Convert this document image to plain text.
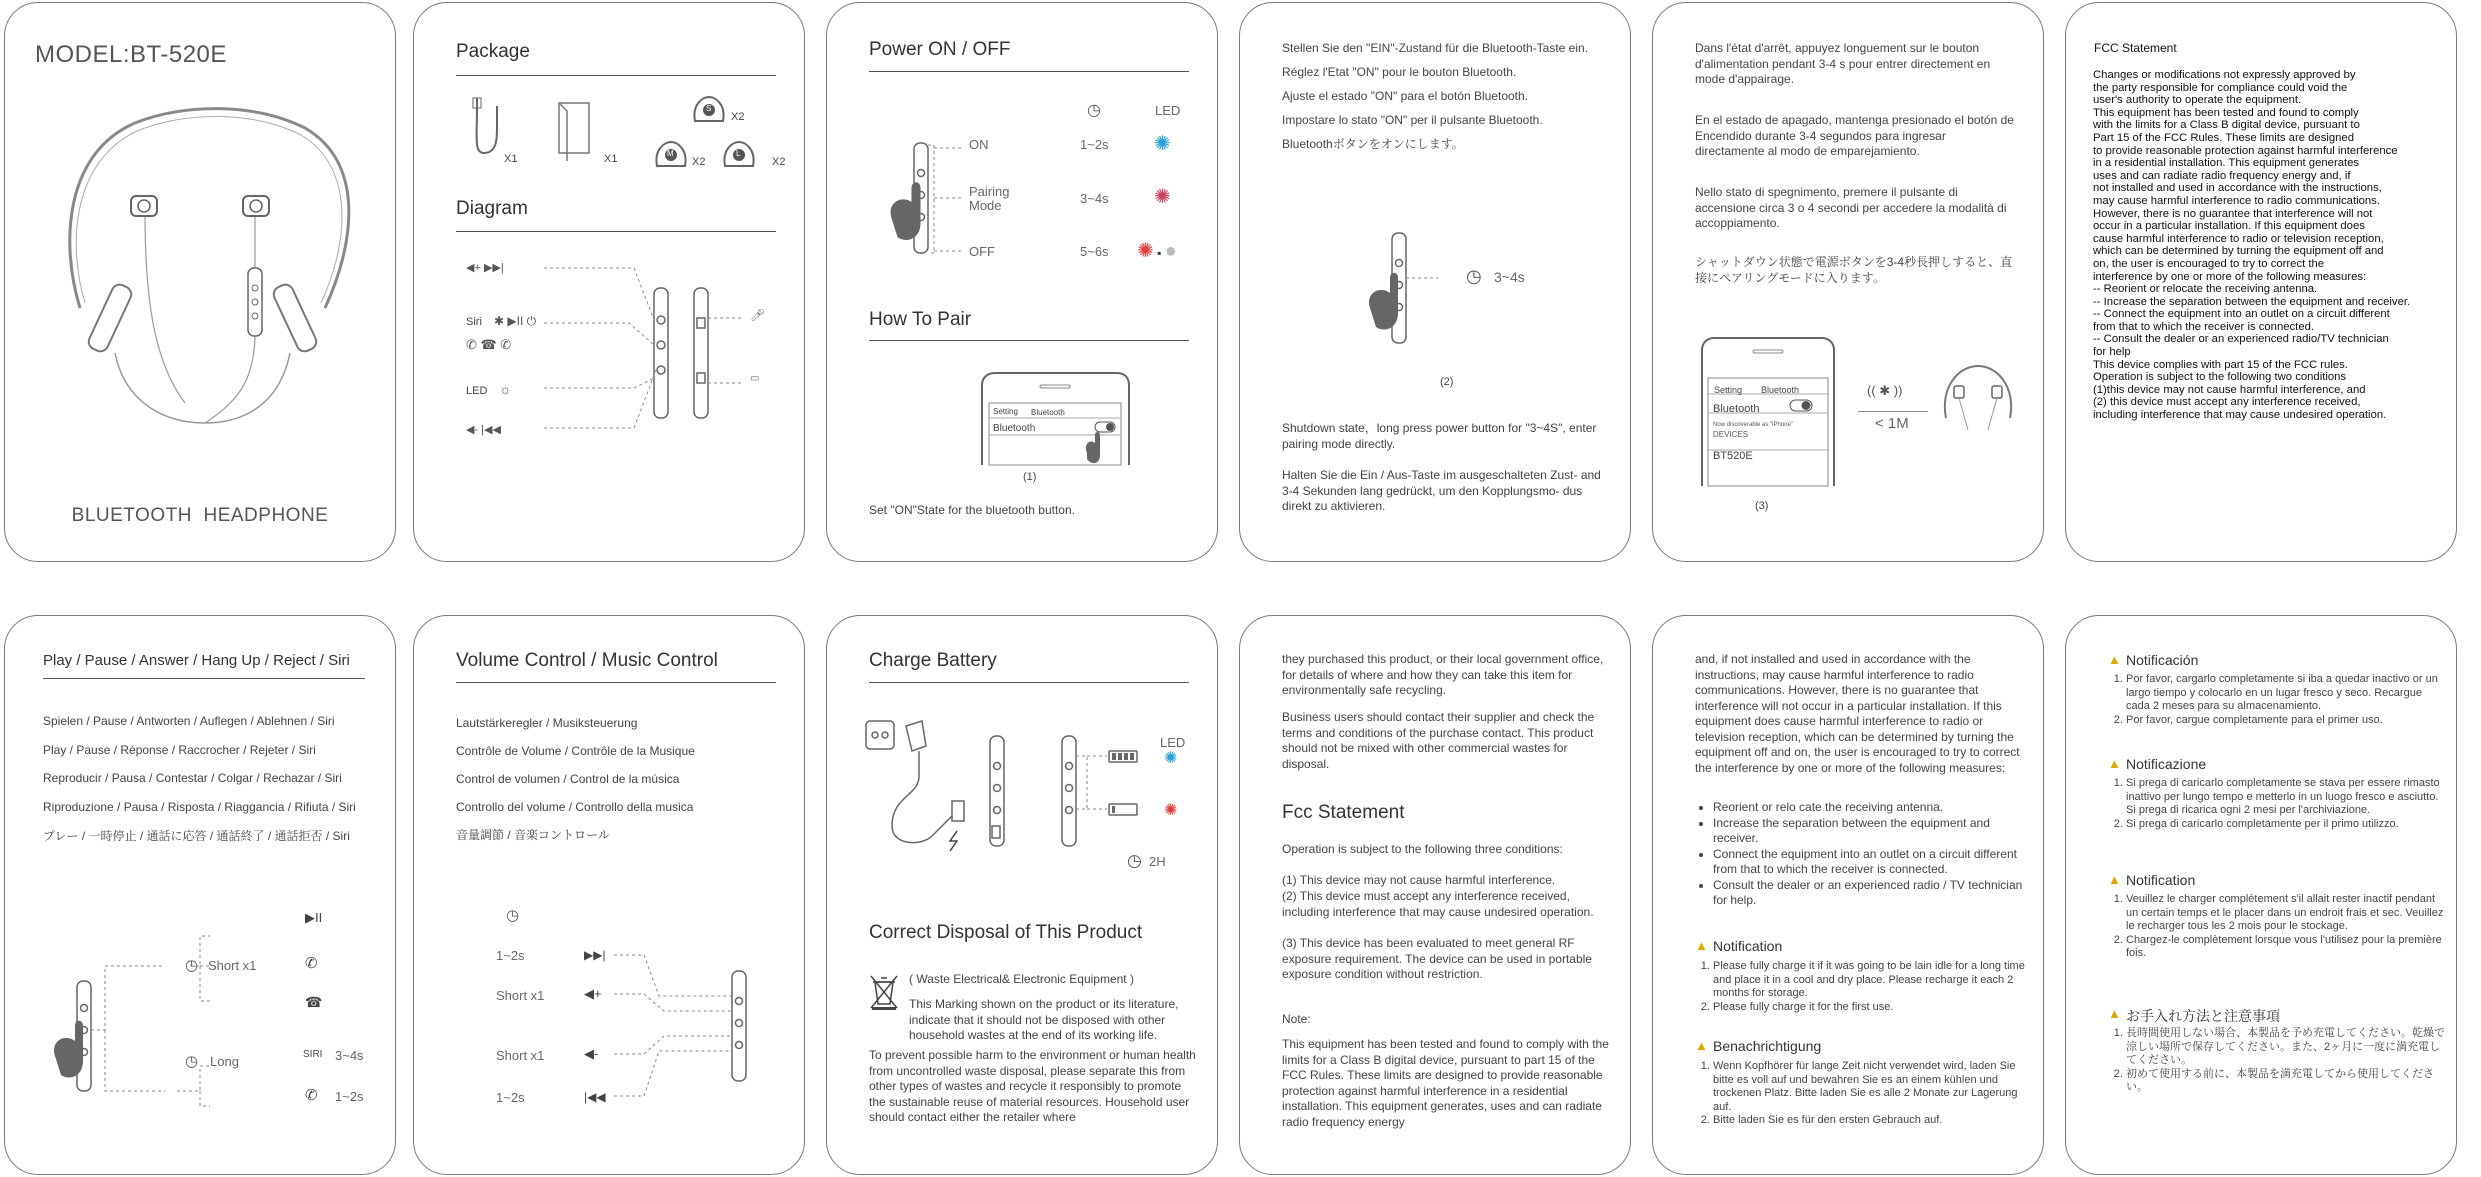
MODEL:BT-520E
BLUETOOTH  HEADPHONE
Package
X1	X1
S
X2
M
X2
L
X2
Diagram
◀+ ▶▶|
Siri ✱ ▶II ⏻
✆ ☎ ✆
LED ☼
◀- |◀◀
🎤︎
▭
Power ON / OFF
◷	LED
ON	1~2s ✺
Pairing
Mode	3~4s ✺
OFF	5~6s ✺ ▪ ●
How To Pair
Setting Bluetooth
Bluetooth
(1)
Set "ON"State for the bluetooth button.
Stellen Sie den "EIN"-Zustand für die Bluetooth-Taste ein.
Réglez l'Etat "ON" pour le bouton Bluetooth.
Ajuste el estado "ON" para el botón Bluetooth.
Impostare lo stato "ON" per il pulsante Bluetooth.
Bluetoothボタンをオンにします。
◷ 3~4s
(2)
Shutdown state，long press power button for "3~4S", enter pairing mode directly.
Halten Sie die Ein / Aus-Taste im ausgeschalteten Zust- and 3-4 Sekunden lang gedrückt, um den Kopplungsmo- dus direkt zu aktivieren.
Dans l'état d'arrêt, appuyez longuement sur le bouton d'alimentation pendant 3-4 s pour entrer directement en mode d'appairage.
En el estado de apagado, mantenga presionado el botón de Encendido durante 3-4 segundos para ingresar directamente al modo de emparejamiento.
Nello stato di spegnimento, premere il pulsante di accensione circa 3 o 4 secondi per accedere la modalità di accoppiamento.
シャットダウン状態で電源ボタンを3-4秒長押しすると、直接にペアリングモードに入ります。
Setting Bluetooth
Bluetooth
Now discoverable as "iPhone"
DEVICES
BT520E
(( ✱ ))
< 1M
(3)
FCC Statement
Changes or modifications not expressly approved by
the party responsible for compliance could void the
user's authority to operate the equipment.
This equipment has been tested and found to comply
with the limits for a Class B digital device, pursuant to
Part 15 of the FCC Rules. These limits are designed
to provide reasonable protection against harmful interference
in a residential installation. This equipment generates
uses and can radiate radio frequency energy and, if
not installed and used in accordance with the instructions,
may cause harmful interference to radio communications.
However, there is no guarantee that interference will not
occur in a particular installation. If this equipment does
cause harmful interference to radio or television reception,
which can be determined by turning the equipment off and
on, the user is encouraged to try to correct the
interference by one or more of the following measures:
-- Reorient or relocate the receiving antenna.
-- Increase the separation between the equipment and receiver.
-- Connect the equipment into an outlet on a circuit different
from that to which the receiver is connected.
-- Consult the dealer or an experienced radio/TV technician
for help
This device complies with part 15 of the FCC rules.
Operation is subject to the following two conditions
(1)this device may not cause harmful interference, and
(2) this device must accept any interference received,
including interference that may cause undesired operation.
Play / Pause / Answer / Hang Up / Reject / Siri
Spielen / Pause / Antworten / Auflegen / Ablehnen / Siri
Play / Pause / Réponse / Raccrocher / Rejeter / Siri
Reproducir / Pausa / Contestar / Colgar / Rechazar / Siri
Riproduzione / Pausa / Risposta / Riaggancia / Rifiuta / Siri
プレー / 一時停止 / 通話に応答 / 通話終了 / 通話拒否 / Siri
◷ Short x1
▶II
✆
☎
◷ Long	SIRI 3~4s
✆ 1~2s
Volume Control / Music Control
Lautstärkeregler / Musiksteuerung
Contrôle de Volume / Contrôle de la Musique
Control de volumen / Control de la música
Controllo del volume / Controllo della musica
音量調節 / 音楽コントロール
◷
1~2s	▶▶|
Short x1	◀+
Short x1	◀-
1~2s	|◀◀
Charge Battery
LED
✺
✺
◷ 2H
Correct Disposal of This Product
( Waste Electrical& Electronic Equipment )
This Marking shown on the product or its literature, indicate that it should not be disposed with other household wastes at the end of its working life.
To prevent possible harm to the environment or human health from uncontrolled waste disposal, please separate this from other types of wastes and recycle it responsibly to promote the sustainable reuse of material resources. Household user should contact either the retailer where
they purchased this product, or their local government office, for details of where and how they can take this item for environmentally safe recycling.
Business users should contact their supplier and check the terms and conditions of the purchase contact. This product should not be mixed with other commercial wastes for disposal.
Fcc Statement
Operation is subject to the following three conditions:
(1) This device may not cause harmful interference.
(2) This device must accept any interference received, including interference that may cause undesired operation.
(3) This device has been evaluated to meet general RF exposure requirement. The device can be used in portable exposure condition without restriction.
Note:
This equipment has been tested and found to comply with the limits for a Class B digital device, pursuant to part 15 of the FCC Rules. These limits are designed to provide reasonable protection against harmful interference in a residential installation. This equipment generates, uses and can radiate radio frequency energy
and, if not installed and used in accordance with the instructions, may cause harmful interference to radio communications. However, there is no guarantee that interference will not occur in a particular installation. If this equipment does cause harmful interference to radio or television reception, which can be determined by turning the equipment off and on, the user is encouraged to try to correct the interference by one or more of the following measures:
• Reorient or relo cate the receiving antenna.
• Increase the separation between the equipment and receiver.
• Connect the equipment into an outlet on a circuit different from that to which the receiver is connected.
• Consult the dealer or an experienced radio / TV technician for help.
▲ Notification
1. Please fully charge it if it was going to be lain idle for a long time and place it in a cool and dry place. Please recharge it each 2 months for storage.
2. Please fully charge it for the first use.
▲ Benachrichtigung
1. Wenn Kopfhörer für lange Zeit nicht verwendet wird, laden Sie bitte es voll auf und bewahren Sie es an einem kühlen und trockenen Platz. Bitte laden Sie es alle 2 Monate zur Lagerung auf.
2. Bitte laden Sie es für den ersten Gebrauch auf.
▲ Notificación
1. Por favor, cargarlo completamente si iba a quedar inactivo or un largo tiempo y colocarlo en un lugar fresco y seco. Recargue cada 2 meses para su almacenamiento.
2. Por favor, cargue completamente para el primer uso.
▲ Notificazione
1. Si prega di caricarlo completamente se stava per essere rimasto inattivo per lungo tempo e metterlo in un luogo fresco e asciutto. Si prega di ricarica ogni 2 mesi per l'archiviazione.
2. Si prega di caricarlo completamente per il primo utilizzo.
▲ Notification
1. Veuillez le charger complètement s'il allait rester inactif pendant un certain temps et le placer dans un endroit frais et sec. Veuillez le recharger tous les 2 mois pour le stockage.
2. Chargez-le complètement lorsque vous l'utilisez pour la première fois.
▲ お手入れ方法と注意事項
1. 長時間使用しない場合、本製品を予め充電してください。乾燥で涼しい場所で保存してください。また、2ヶ月に一度に満充電してください。
2. 初めて使用する前に、本製品を満充電してから使用してください。
